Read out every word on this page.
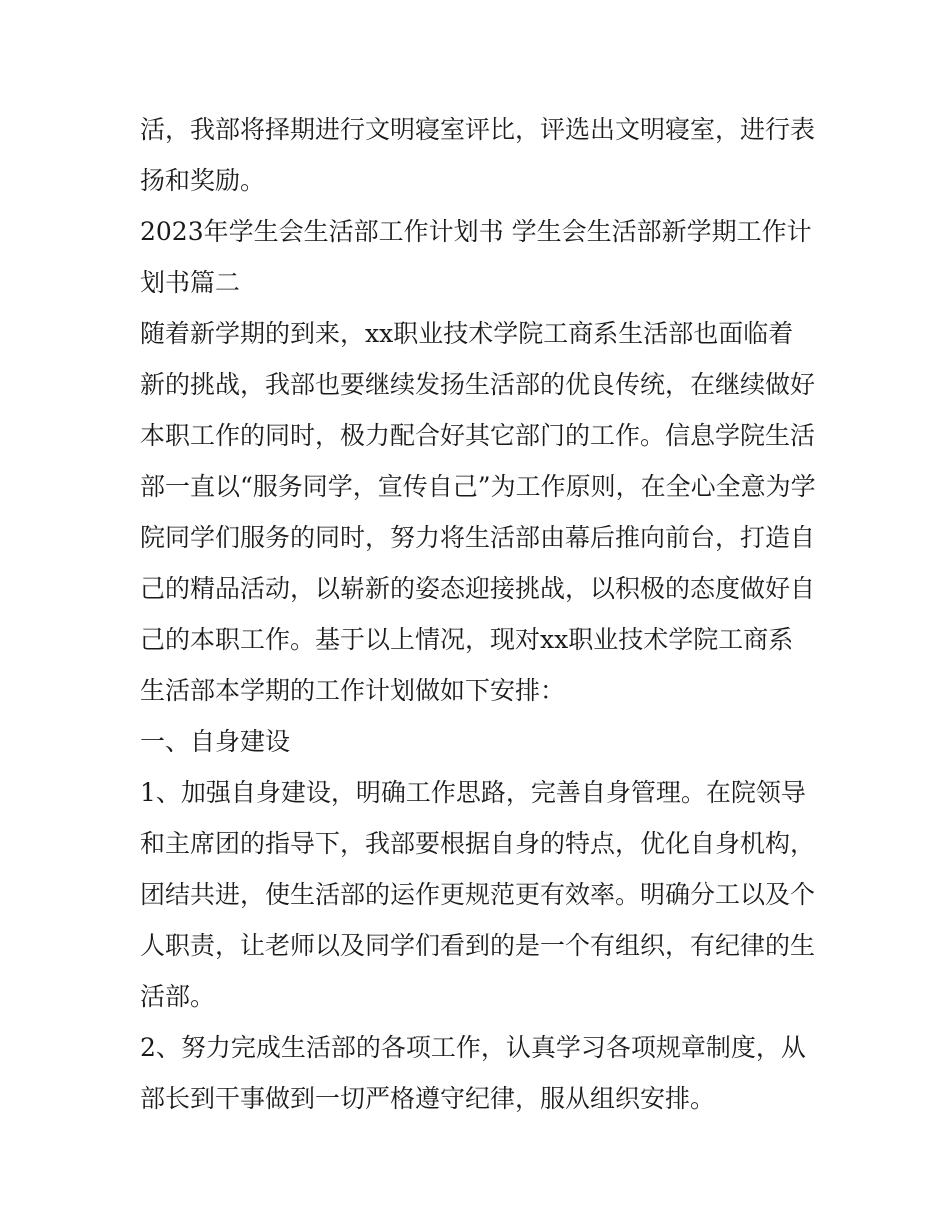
活，我部将择期进行文明寝室评比，评选出文明寝室，进行表
扬和奖励。
2023年学生会生活部工作计划书 学生会生活部新学期工作计
划书篇二
随着新学期的到来，xx职业技术学院工商系生活部也面临着
新的挑战，我部也要继续发扬生活部的优良传统，在继续做好
本职工作的同时，极力配合好其它部门的工作。信息学院生活
部一直以“服务同学，宣传自己”为工作原则，在全心全意为学
院同学们服务的同时，努力将生活部由幕后推向前台，打造自
己的精品活动，以崭新的姿态迎接挑战，以积极的态度做好自
己的本职工作。基于以上情况，现对xx职业技术学院工商系
生活部本学期的工作计划做如下安排：
一、自身建设
1、加强自身建设，明确工作思路，完善自身管理。在院领导
和主席团的指导下，我部要根据自身的特点，优化自身机构，
团结共进，使生活部的运作更规范更有效率。明确分工以及个
人职责，让老师以及同学们看到的是一个有组织，有纪律的生
活部。
2、努力完成生活部的各项工作，认真学习各项规章制度，从
部长到干事做到一切严格遵守纪律，服从组织安排。
